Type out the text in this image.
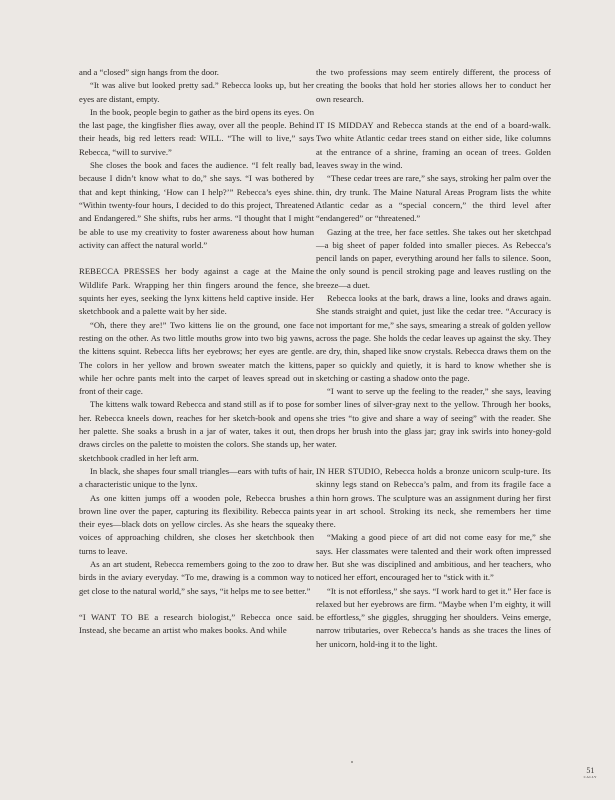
and a “closed” sign hangs from the door.

“It was alive but looked pretty sad.” Rebecca looks up, but her eyes are distant, empty.

In the book, people begin to gather as the bird opens its eyes. On the last page, the kingfisher flies away, over all the people. Behind their heads, big red letters read: WILL. “The will to live,” says Rebecca, “will to survive.”

She closes the book and faces the audience. “I felt really bad, because I didn’t know what to do,” she says. “I was bothered by that and kept thinking, ‘How can I help?’” Rebecca’s eyes shine. “Within twenty-four hours, I decided to do this project, Threatened and Endangered.” She shifts, rubs her arms. “I thought that I might be able to use my creativity to foster awareness about how human activity can affect the natural world.”

REBECCA PRESSES her body against a cage at the Maine Wildlife Park. Wrapping her thin fingers around the fence, she squints her eyes, seeking the lynx kittens held captive inside. Her sketchbook and a palette wait by her side.

“Oh, there they are!” Two kittens lie on the ground, one face resting on the other. As two little mouths grow into two big yawns, the kittens squint. Rebecca lifts her eyebrows; her eyes are gentle. The colors in her yellow and brown sweater match the kittens, while her ochre pants melt into the carpet of leaves spread out in front of their cage.

The kittens walk toward Rebecca and stand still as if to pose for her. Rebecca kneels down, reaches for her sketch-book and opens her palette. She soaks a brush in a jar of water, takes it out, then draws circles on the palette to moisten the colors. She stands up, her sketchbook cradled in her left arm.

In black, she shapes four small triangles—ears with tufts of hair, a characteristic unique to the lynx.

As one kitten jumps off a wooden pole, Rebecca brushes a brown line over the paper, capturing its flexibility. Rebecca paints their eyes—black dots on yellow circles. As she hears the squeaky voices of approaching children, she closes her sketchbook then turns to leave.

As an art student, Rebecca remembers going to the zoo to draw birds in the aviary everyday. “To me, drawing is a common way to get close to the natural world,” she says, “it helps me to see better.”

“I WANT TO BE a research biologist,” Rebecca once said. Instead, she became an artist who makes books. And while

the two professions may seem entirely different, the process of creating the books that hold her stories allows her to conduct her own research.

IT IS MIDDAY and Rebecca stands at the end of a board-walk. Two white Atlantic cedar trees stand on either side, like columns at the entrance of a shrine, framing an ocean of trees. Golden leaves sway in the wind.

“These cedar trees are rare,” she says, stroking her palm over the thin, dry trunk. The Maine Natural Areas Program lists the white Atlantic cedar as a “special concern,” the third level after “endangered” or “threatened.”

Gazing at the tree, her face settles. She takes out her sketchpad—a big sheet of paper folded into smaller pieces. As Rebecca’s pencil lands on paper, everything around her falls to silence. Soon, the only sound is pencil stroking page and leaves rustling on the breeze—a duet.

Rebecca looks at the bark, draws a line, looks and draws again. She stands straight and quiet, just like the cedar tree. “Accuracy is not important for me,” she says, smearing a streak of golden yellow across the page. She holds the cedar leaves up against the sky. They are dry, thin, shaped like snow crystals. Rebecca draws them on the paper so quickly and quietly, it is hard to know whether she is sketching or casting a shadow onto the page.

“I want to serve up the feeling to the reader,” she says, leaving somber lines of silver-gray next to the yellow. Through her books, she tries “to give and share a way of seeing” with the reader. She drops her brush into the glass jar; gray ink swirls into honey-gold water.

IN HER STUDIO, Rebecca holds a bronze unicorn sculp-ture. Its skinny legs stand on Rebecca’s palm, and from its fragile face a thin horn grows. The sculpture was an assignment during her first year in art school. Stroking its neck, she remembers her time there.

“Making a good piece of art did not come easy for me,” she says. Her classmates were talented and their work often impressed her. But she was disciplined and ambitious, and her teachers, who noticed her effort, encouraged her to “stick with it.”

“It is not effortless,” she says. “I work hard to get it.” Her face is relaxed but her eyebrows are firm. “Maybe when I’m eighty, it will be effortless,” she giggles, shrugging her shoulders. Veins emerge, narrow tributaries, over Rebecca’s hands as she traces the lines of her unicorn, hold-ing it to the light.

51
CALLY
